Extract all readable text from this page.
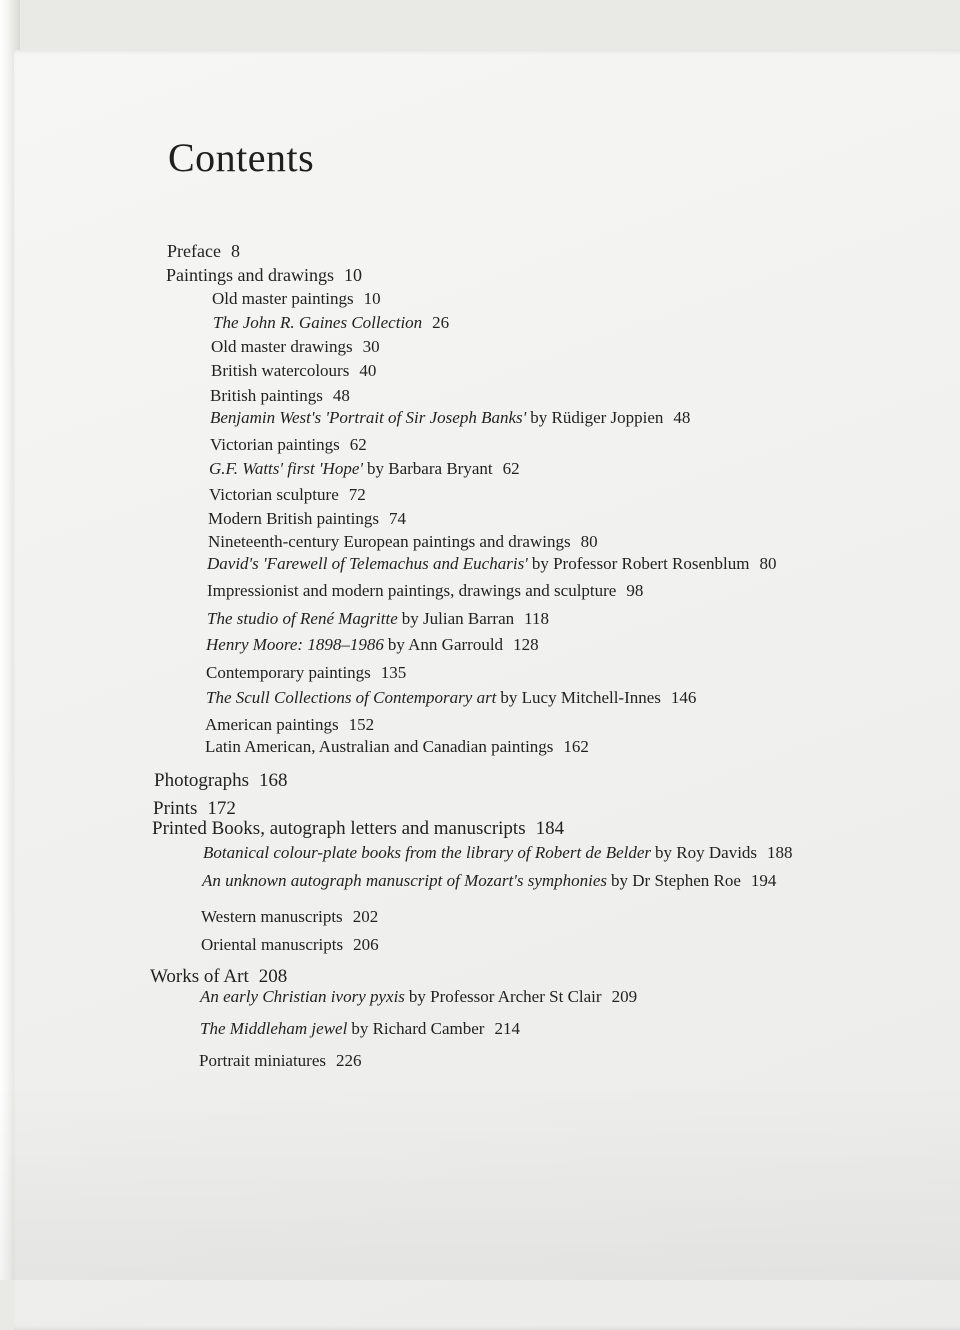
Contents
Preface 8
Paintings and drawings 10
Old master paintings 10
The John R. Gaines Collection 26
Old master drawings 30
British watercolours 40
British paintings 48
Benjamin West's 'Portrait of Sir Joseph Banks' by Rüdiger Joppien 48
Victorian paintings 62
G.F. Watts' first 'Hope' by Barbara Bryant 62
Victorian sculpture 72
Modern British paintings 74
Nineteenth-century European paintings and drawings 80
David's 'Farewell of Telemachus and Eucharis' by Professor Robert Rosenblum 80
Impressionist and modern paintings, drawings and sculpture 98
The studio of René Magritte by Julian Barran 118
Henry Moore: 1898–1986 by Ann Garrould 128
Contemporary paintings 135
The Scull Collections of Contemporary art by Lucy Mitchell-Innes 146
American paintings 152
Latin American, Australian and Canadian paintings 162
Photographs 168
Prints 172
Printed Books, autograph letters and manuscripts 184
Botanical colour-plate books from the library of Robert de Belder by Roy Davids 188
An unknown autograph manuscript of Mozart's symphonies by Dr Stephen Roe 194
Western manuscripts 202
Oriental manuscripts 206
Works of Art 208
An early Christian ivory pyxis by Professor Archer St Clair 209
The Middleham jewel by Richard Camber 214
Portrait miniatures 226
